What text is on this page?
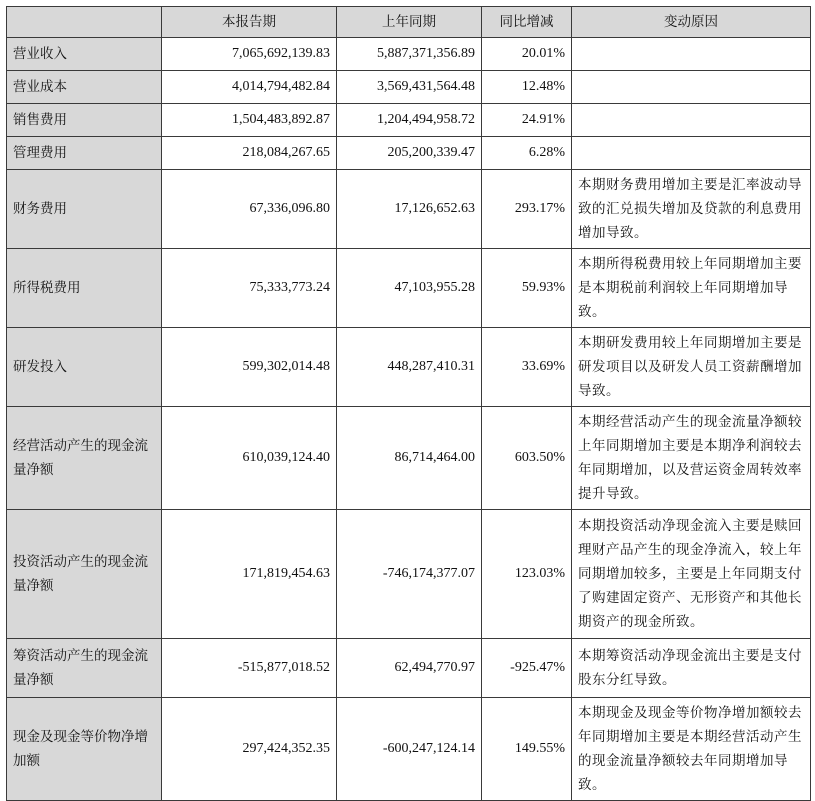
	本报告期	上年同期	同比增减	变动原因
营业收入	7,065,692,139.83	5,887,371,356.89	20.01%	
营业成本	4,014,794,482.84	3,569,431,564.48	12.48%	
销售费用	1,504,483,892.87	1,204,494,958.72	24.91%	
管理费用	218,084,267.65	205,200,339.47	6.28%	
财务费用	67,336,096.80	17,126,652.63	293.17%	本期财务费用增加主要是汇率波动导致的汇兑损失增加及贷款的利息费用增加导致。
所得税费用	75,333,773.24	47,103,955.28	59.93%	本期所得税费用较上年同期增加主要是本期税前利润较上年同期增加导致。
研发投入	599,302,014.48	448,287,410.31	33.69%	本期研发费用较上年同期增加主要是研发项目以及研发人员工资薪酬增加导致。
经营活动产生的现金流量净额	610,039,124.40	86,714,464.00	603.50%	本期经营活动产生的现金流量净额较上年同期增加主要是本期净利润较去年同期增加，以及营运资金周转效率提升导致。
投资活动产生的现金流量净额	171,819,454.63	-746,174,377.07	123.03%	本期投资活动净现金流入主要是赎回理财产品产生的现金净流入，较上年同期增加较多，主要是上年同期支付了购建固定资产、无形资产和其他长期资产的现金所致。
筹资活动产生的现金流量净额	-515,877,018.52	62,494,770.97	-925.47%	本期筹资活动净现金流出主要是支付股东分红导致。
现金及现金等价物净增加额	297,424,352.35	-600,247,124.14	149.55%	本期现金及现金等价物净增加额较去年同期增加主要是本期经营活动产生的现金流量净额较去年同期增加导致。
